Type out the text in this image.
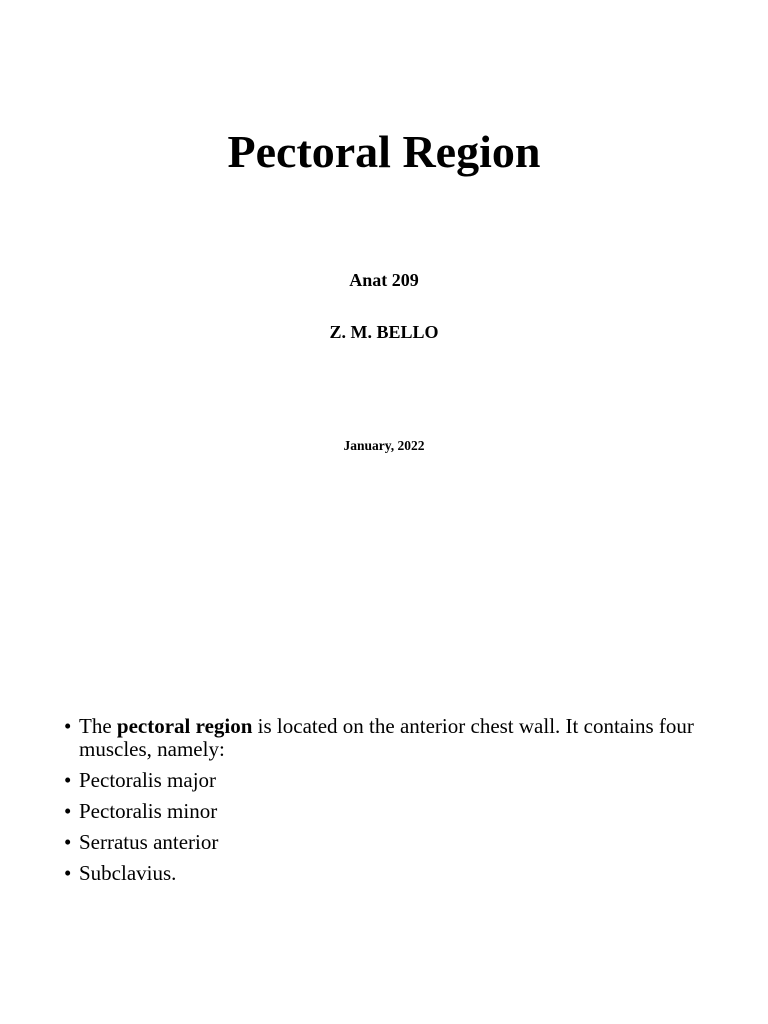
Pectoral Region
Anat 209
Z. M. BELLO
January, 2022
• The pectoral region is located on the anterior chest wall. It contains four muscles, namely:
• Pectoralis major
• Pectoralis minor
• Serratus anterior
• Subclavius.
